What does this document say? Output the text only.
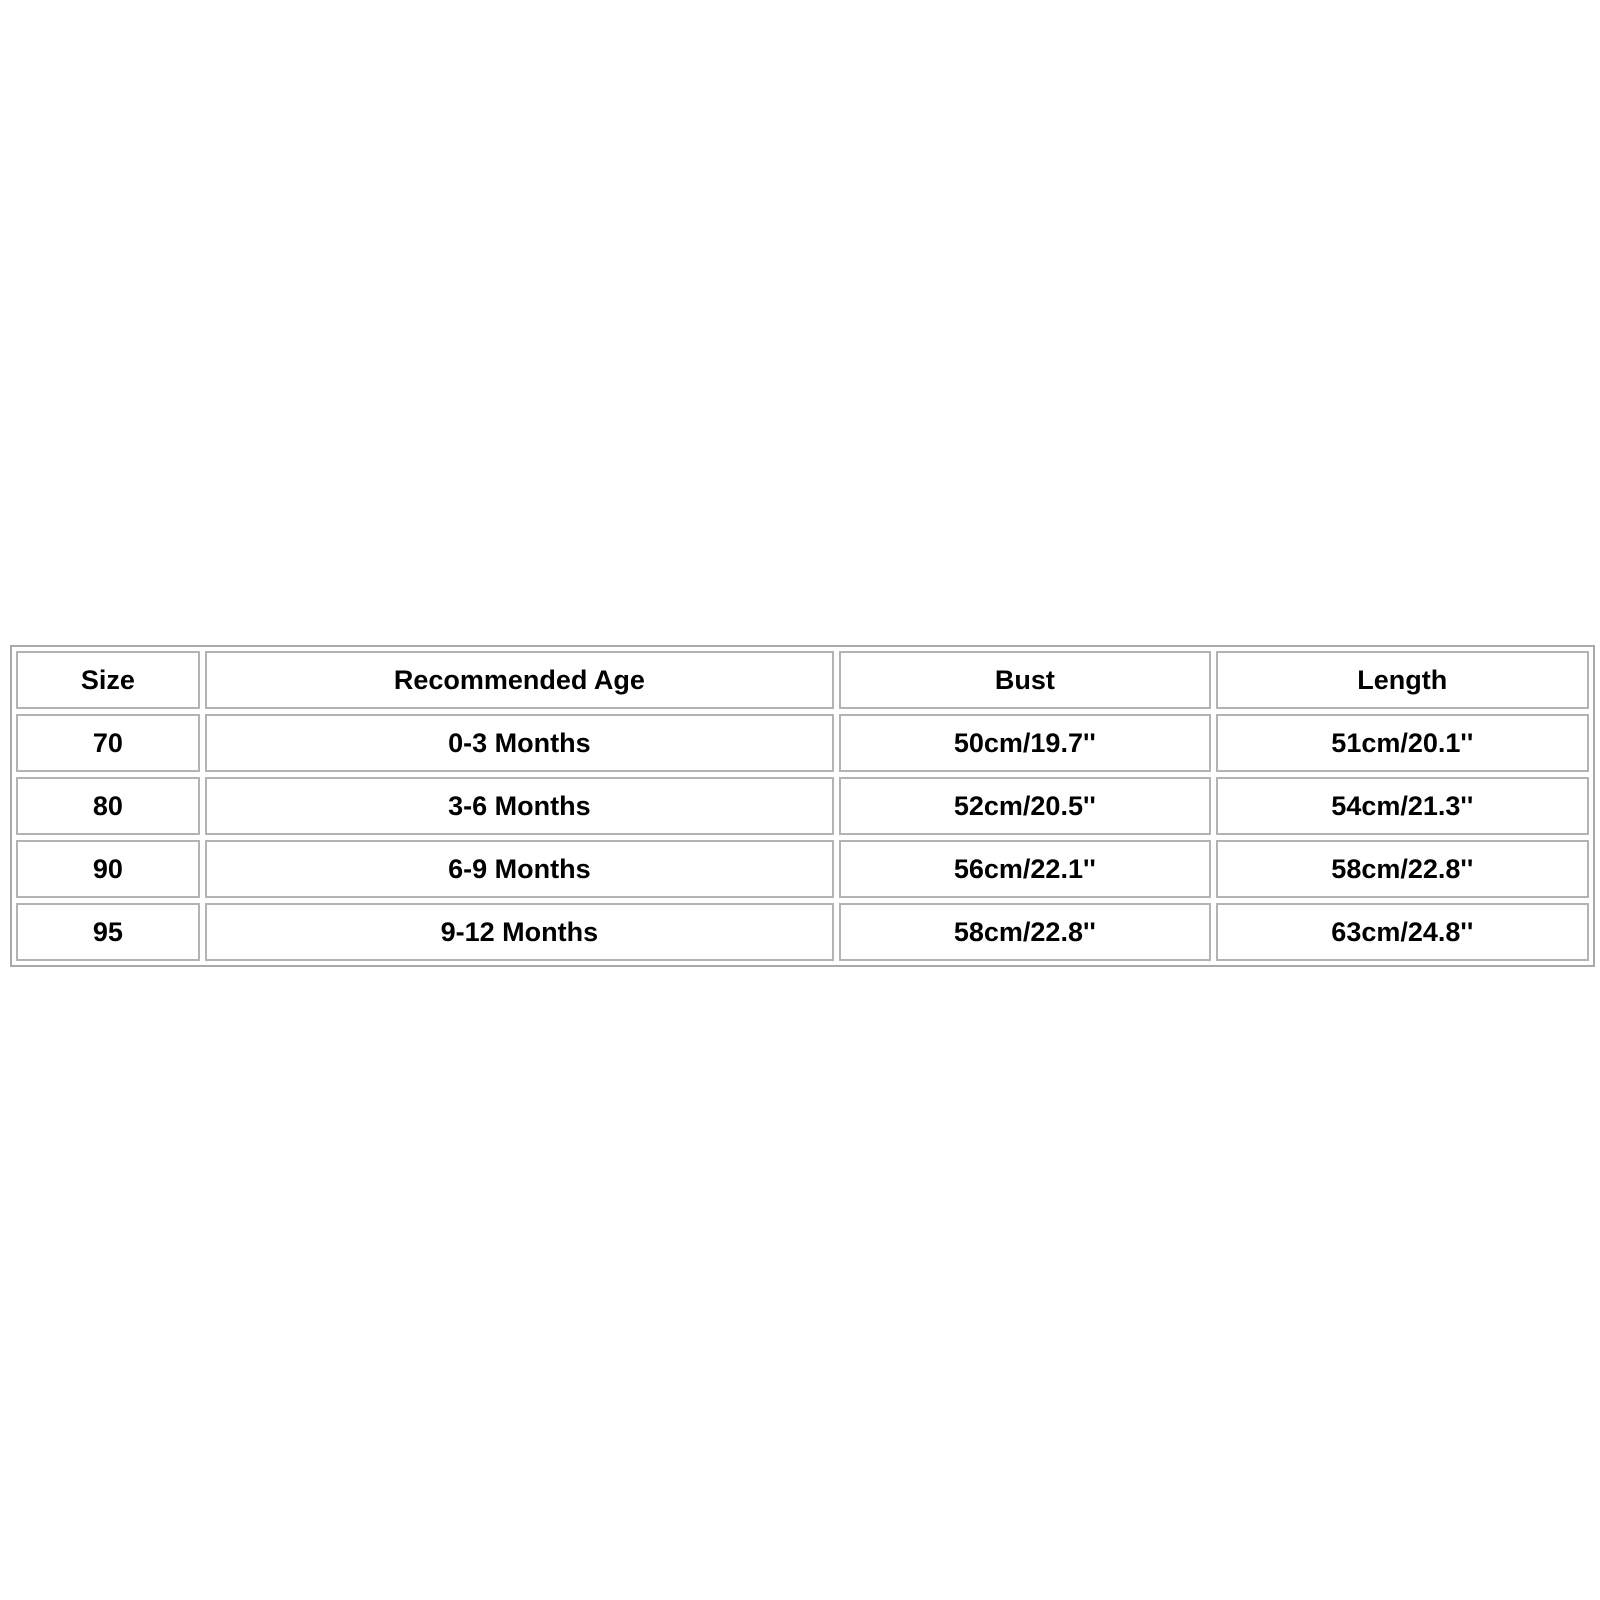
Size	Recommended Age	Bust	Length
70	0-3 Months	50cm/19.7''	51cm/20.1''
80	3-6 Months	52cm/20.5''	54cm/21.3''
90	6-9 Months	56cm/22.1''	58cm/22.8''
95	9-12 Months	58cm/22.8''	63cm/24.8''
